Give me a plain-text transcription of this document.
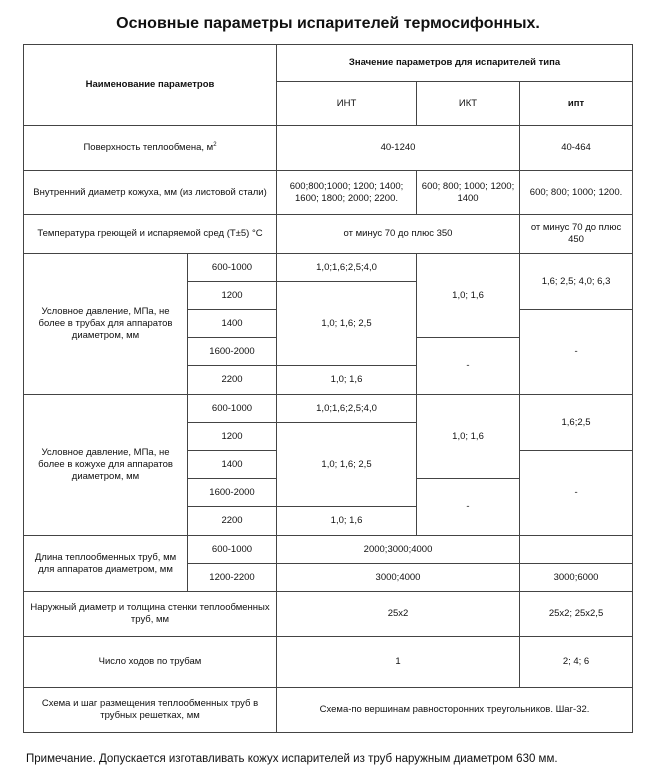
Основные параметры испарителей термосифонных.
Наименование параметров		Значение параметров для испарителей типа		
		ИНТ	ИКТ	ипт
Поверхность теплообмена, $м^2$		40-1240		40-464
Внутренний диаметр кожуха, мм (из листовой стали)		600;800;1000; 1200; 1400; 1600; 1800; 2000; 2200.	600; 800; 1000; 1200; 1400	600; 800; 1000; 1200.
Температура греющей и испаряемой сред (Т±5) °С		от минус 70 до плюс 350		от минус 70 до плюс 450
Условное давление, МПа, не более в трубах для аппаратов диаметром, мм	600-1000	1,0;1,6;2,5;4,0	1,0; 1,6	1,6; 2,5; 4,0; 6,3
	1200	1,0; 1,6; 2,5		
	1400			-
	1600-2000		-	
	2200	1,0; 1,6		
Условное давление, МПа, не более в кожухе для аппаратов диаметром, мм	600-1000	1,0;1,6;2,5;4,0	1,0; 1,6	1,6;2,5
	1200	1,0; 1,6; 2,5		
	1400			-
	1600-2000		-	
	2200	1,0; 1,6		
Длина теплообменных труб, мм для аппаратов диаметром, мм	600-1000	2000;3000;4000		
	1200-2200	3000;4000		3000;6000
Наружный диаметр и толщина стенки теплообменных труб, мм		25х2		25х2; 25х2,5
Число ходов по трубам		1		2; 4; 6
Схема и шаг размещения теплообменных труб в трубных решетках, мм		Схема-по вершинам равносторонних треугольников. Шаг-32.		
Примечание. Допускается изготавливать кожух испарителей из труб наружным диаметром 630 мм.
